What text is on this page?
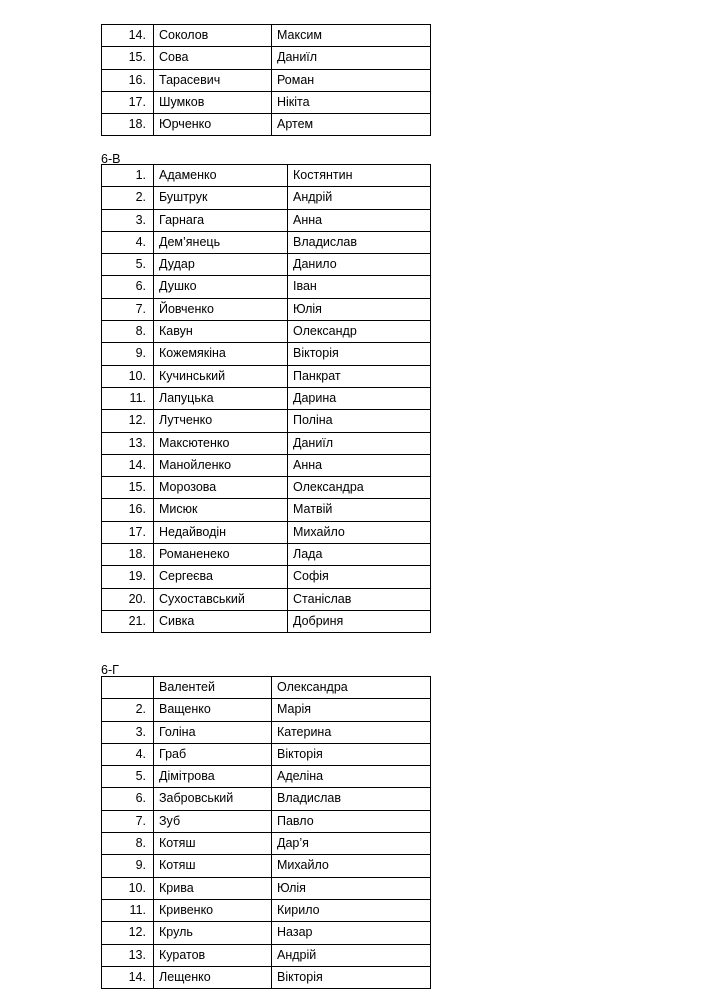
14.	Соколов	Максим
15.	Сова	Даниїл
16.	Тарасевич	Роман
17.	Шумков	Нікіта
18.	Юрченко	Артем
6-В
1.	Адаменко	Костянтин
2.	Буштрук	Андрій
3.	Гарнага	Анна
4.	Дем’янець	Владислав
5.	Дудар	Данило
6.	Душко	Іван
7.	Йовченко	Юлія
8.	Кавун	Олександр
9.	Кожемякіна	Вікторія
10.	Кучинський	Панкрат
11.	Лапуцька	Дарина
12.	Лутченко	Поліна
13.	Максютенко	Даниїл
14.	Манойленко	Анна
15.	Морозова	Олександра
16.	Мисюк	Матвій
17.	Недайводін	Михайло
18.	Романенеко	Лада
19.	Сергеєва	Софія
20.	Сухоставський	Станіслав
21.	Сивка	Добриня
6-Г
	Валентей	Олександра
2.	Ващенко	Марія
3.	Голіна	Катерина
4.	Граб	Вікторія
5.	Дімітрова	Аделіна
6.	Забровський	Владислав
7.	Зуб	Павло
8.	Котяш	Дар’я
9.	Котяш	Михайло
10.	Крива	Юлія
11.	Кривенко	Кирило
12.	Круль	Назар
13.	Куратов	Андрій
14.	Лещенко	Вікторія
